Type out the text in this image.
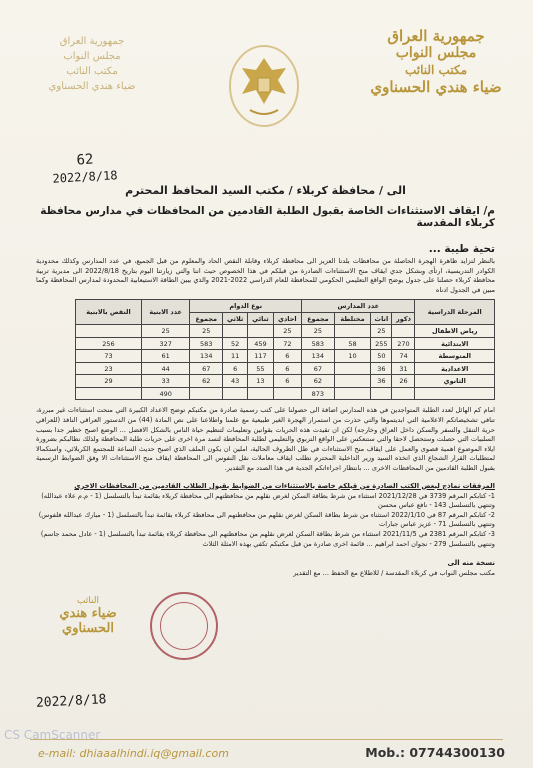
جمهورية العراق
مجلس النواب
مكتب النائب
ضياء هندي الحسناوي
جمهورية العراق
مجلس النواب
مكتب النائب
ضياء هندي الحسناوي
62
2022/8/18

الى / محافظة كربلاء / مكتب السيد المحافظ المحترم

م/ ايقاف الاستثناءات الخاصة بقبول الطلبة القادمين من المحافظات في مدارس محافظة كربلاء المقدسة

تحية طيبة ...

بالنظر لتزايد ظاهرة الهجرة الحاصلة من محافظات بلدنا العزيز الى محافظة كربلاء وقابلة النقص الحاد والمعلوم من قبل الجميع، في عدد المدارس وكذلك محدودية الكوادر التدريسية، ارتأى وبشكل جدي ايقاف منح الاستثناءات الصادرة من قبلكم في هذا الخصوص حيث اننا والتي زيارتنا اليوم بتاريخ 2022/8/18 الى مديرية تربية محافظة كربلاء حصلنا على جدول يوضح الواقع التعليمي الحكومي للمحافظة للعام الدراسي 2022-2021 والذي يبين الطاقة الاستيعابية المحدودة لمدارس المحافظة وكما مبين في الجدول ادناه

المرحلة الدراسية	عدد المدارس				نوع الدوام				عدد الابنية	النقص بالابنية
	ذكور	اناث	مختلطة	مجموع	احادي	ثنائي	ثلاثي	مجموع		
رياض الاطفال		25		25	25			25	25	
الابتدائية	270	255	58	583	72	459	52	583	327	256
المتوسطة	74	50	10	134	6	117	11	134	61	73
الاعدادية	31	36		67	6	55	6	67	44	23
الثانوي	26	36		62	6	13	43	62	33	29
				873					490	

امام كم الهائل لعدد الطلبة المتواجدين في هذه المدارس اضافة الى حصولنا على كتب رسمية صادرة من مكتبكم توضح الاعداد الكبيرة التي منحت استثناءات غير مبررة، تنافي تشخيصاتكم الاعلامية التي ابديتموها والتي حذرت من استمرار الهجرة الغير طبيعية مع علمنا واطلاعنا على نص المادة (44) من الدستور العراقي النافذ (للعراقي حرية التنقل والسفر والسكن داخل العراق وخارجه) لكن ان تقيدت هذه الحريات بقوانين وتعليمات لتنظيم حياة الناس بالشكل الافضل ... الوضع اصبح خطير جدا بسبب السلبيات التي حصلت وستحصل لاحقا والتي ستنعكس على الواقع التربوي والتعليمي لطلبة المحافظة لتسد مرة اخرى على حريات طلبة المحافظة ولذلك نطالبكم بضرورة ايلاء الموضوع اهمية قصوى والعمل على ايقاف منح الاستثناءات في ظل الظروف الحالية، املين ان يكون الملف الذي اصبح حديث الساعة للمجتمع الكربلائي، واستكمالا لمتطلبات القرار الشجاع الذي اتخذه السيد وزير الداخلية المحترم نطلب ايقاف معاملات نقل النفوس الى المحافظة ايقاف منح الاستثناءات الا وفق الضوابط الرسمية بقبول الطلبة القادمين من المحافظات الاخرى ... بانتظار اجراءاتكم الجدية في هذا الصدد مع التقدير.

المرفقات نماذج لبعض الكتب الصادرة من قبلكم خاصة بالاستثناءات من الضوابط بقبول الطلاب القادمين من المحافظات الاخرى

1- كتابكم المرقم 3739 في 2021/12/28 استثناء من شرط بطاقة السكن لغرض نقلهم من محافظتهم الى محافظة كربلاء بقائمة تبدأ بالتسلسل (1 - م.م علاء عبدالله) وتنتهي بالتسلسل 143 - نافع عباس محسن

2- كتابكم المرقم 87 في 2022/1/10 استثناء من شرط بطاقة السكن لغرض نقلهم من محافظتهم الى محافظة كربلاء بقائمة تبدأ بالتسلسل (1 - مبارك عبدالله فلفوس) وتنتهي بالتسلسل 71 - عزيز عباس جبارات

3- كتابكم المرقم 2381 في 2021/11/5 استثناء من شرط بطاقة السكن لغرض نقلهم من محافظتهم الى محافظة كربلاء بقائمة تبدأ بالتسلسل (1 - عادل محمد جاسم) وتنتهي بالتسلسل 279 - نجوان احمد ابراهيم ... قائمة اخرى صادرة من قبل مكتبكم تكفي بهذه الامثلة الثلاث

نسخة منه الى

مكتب مجلس النواب في كربلاء المقدسة / للاطلاع مع الحفظ ... مع التقدير

النائب
ضياء هندي الحسناوي
2022/8/18
CS CamScanner
e-mail: dhiaaalhindi.iq@gmail.com	Mob.: 07744300130
